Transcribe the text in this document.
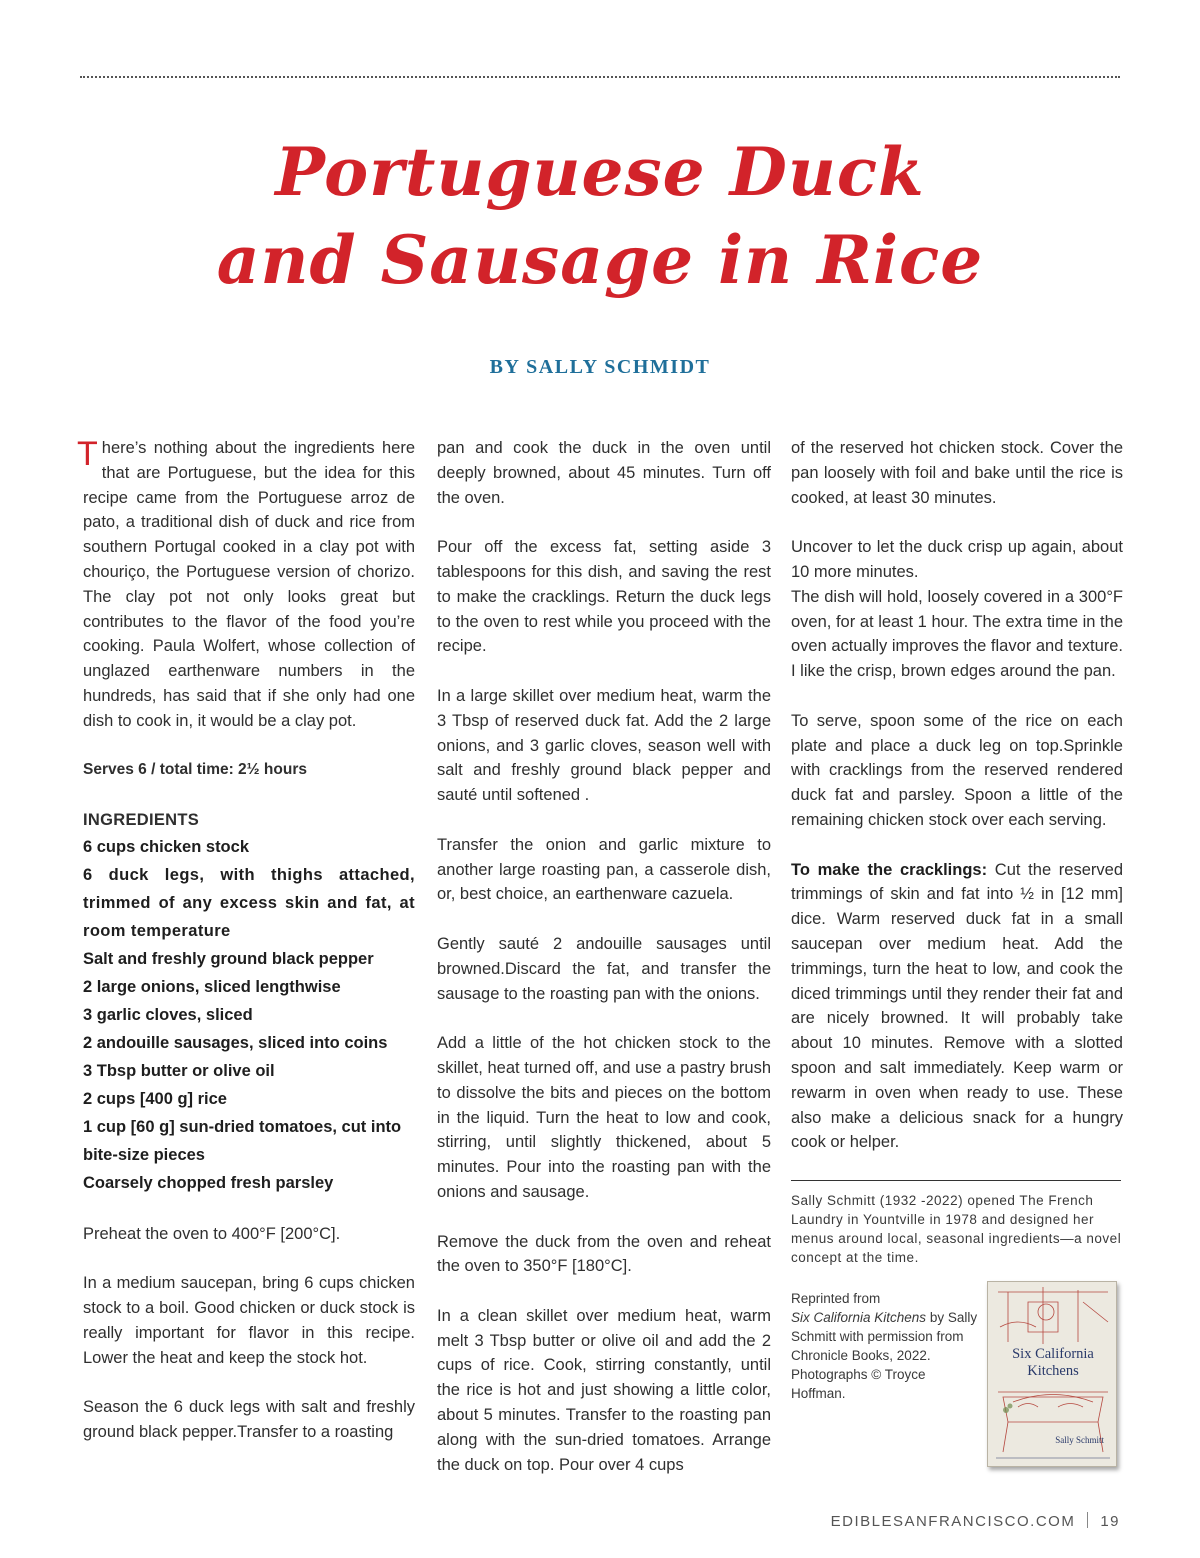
Portuguese Duck
and Sausage in Rice
BY SALLY SCHMIDT

There’s nothing about the ingredients here that are Portuguese, but the idea for this recipe came from the Portuguese arroz de pato, a traditional dish of duck and rice from southern Portugal cooked in a clay pot with chouriço, the Portuguese version of chorizo. The clay pot not only looks great but contributes to the flavor of the food you’re cooking. Paula Wolfert, whose collection of unglazed earthenware numbers in the hundreds, has said that if she only had one dish to cook in, it would be a clay pot.

Serves 6 / total time: 2½ hours
INGREDIENTS
6 cups chicken stock
6 duck legs, with thighs attached, trimmed of any excess skin and fat, at room temperature
Salt and freshly ground black pepper
2 large onions, sliced lengthwise
3 garlic cloves, sliced
2 andouille sausages, sliced into coins
3 Tbsp butter or olive oil
2 cups [400 g] rice
1 cup [60 g] sun-dried tomatoes, cut into bite-size pieces
Coarsely chopped fresh parsley

Preheat the oven to 400°F [200°C].

In a medium saucepan, bring 6 cups chicken stock to a boil. Good chicken or duck stock is really important for flavor in this recipe. Lower the heat and keep the stock hot.

Season the 6 duck legs with salt and freshly ground black pepper.Transfer to a roasting

pan and cook the duck in the oven until deeply browned, about 45 minutes. Turn off the oven.

Pour off the excess fat, setting aside 3 tablespoons for this dish, and saving the rest to make the cracklings. Return the duck legs to the oven to rest while you proceed with the recipe.

In a large skillet over medium heat, warm the 3 Tbsp of reserved duck fat. Add the 2 large onions, and 3 garlic cloves, season well with salt and freshly ground black pepper and sauté until softened .

Transfer the onion and garlic mixture to another large roasting pan, a casserole dish, or, best choice, an earthenware cazuela.

Gently sauté 2 andouille sausages until browned.Discard the fat, and transfer the sausage to the roasting pan with the onions.

Add a little of the hot chicken stock to the skillet, heat turned off, and use a pastry brush to dissolve the bits and pieces on the bottom in the liquid. Turn the heat to low and cook, stirring, until slightly thickened, about 5 minutes. Pour into the roasting pan with the onions and sausage.

Remove the duck from the oven and reheat the oven to 350°F [180°C].

In a clean skillet over medium heat, warm melt 3 Tbsp butter or olive oil and add the 2 cups of rice. Cook, stirring constantly, until the rice is hot and just showing a little color, about 5 minutes. Transfer to the roasting pan along with the sun-dried tomatoes. Arrange the duck on top. Pour over 4 cups

of the reserved hot chicken stock. Cover the pan loosely with foil and bake until the rice is cooked, at least 30 minutes.

Uncover to let the duck crisp up again, about 10 more minutes.

The dish will hold, loosely covered in a 300°F oven, for at least 1 hour. The extra time in the oven actually improves the flavor and texture. I like the crisp, brown edges around the pan.

To serve, spoon some of the rice on each plate and place a duck leg on top.Sprinkle with cracklings from the reserved rendered duck fat and parsley. Spoon a little of the remaining chicken stock over each serving.

To make the cracklings: Cut the reserved trimmings of skin and fat into ½ in [12 mm] dice. Warm reserved duck fat in a small saucepan over medium heat. Add the trimmings, turn the heat to low, and cook the diced trimmings until they render their fat and are nicely browned. It will probably take about 10 minutes. Remove with a slotted spoon and salt immediately. Keep warm or rewarm in oven when ready to use. These also make a delicious snack for a hungry cook or helper.

Sally Schmitt (1932 -2022) opened The French Laundry in Yountville in 1978 and designed her menus around local, seasonal ingredients—a novel concept at the time.
Reprinted from
Six California Kitchens by Sally Schmitt with permission from Chronicle Books, 2022. Photographs © Troyce Hoffman.
Six California
Kitchens
Sally Schmitt
EDIBLESANFRANCISCO.COM 19
